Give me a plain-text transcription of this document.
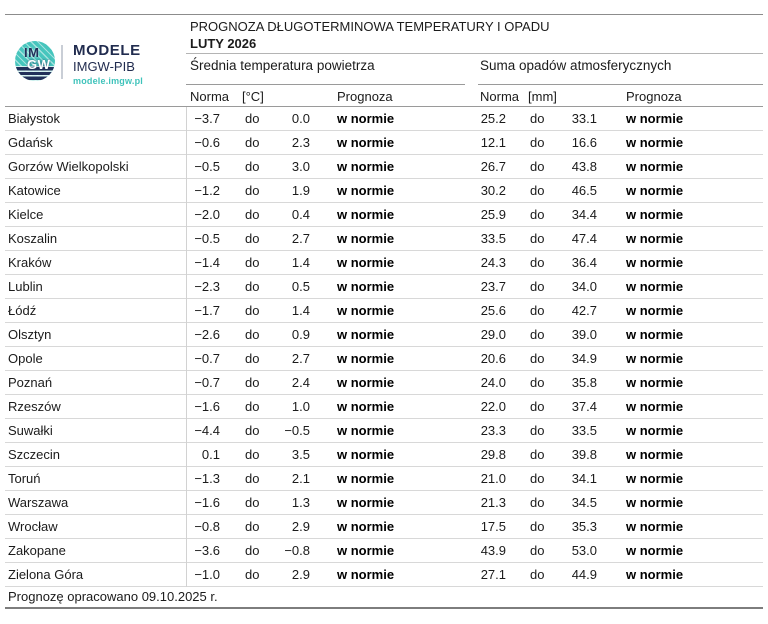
IM
GW
MODELE
IMGW-PIB
modele.imgw.pl
PROGNOZA DŁUGOTERMINOWA TEMPERATURY I OPADU
LUTY 2026
Średnia temperatura powietrza	Suma opadów atmosferycznych
Norma [°C]	Prognoza	Norma [mm]	Prognoza
Białystok	−3.7 do	0.0 w normie	25.2 do	33.1 w normie
Gdańsk	−0.6 do	2.3 w normie	12.1 do	16.6 w normie
Gorzów Wielkopolski	−0.5 do	3.0 w normie	26.7 do	43.8 w normie
Katowice	−1.2 do	1.9 w normie	30.2 do	46.5 w normie
Kielce	−2.0 do	0.4 w normie	25.9 do	34.4 w normie
Koszalin	−0.5 do	2.7 w normie	33.5 do	47.4 w normie
Kraków	−1.4 do	1.4 w normie	24.3 do	36.4 w normie
Lublin	−2.3 do	0.5 w normie	23.7 do	34.0 w normie
Łódź	−1.7 do	1.4 w normie	25.6 do	42.7 w normie
Olsztyn	−2.6 do	0.9 w normie	29.0 do	39.0 w normie
Opole	−0.7 do	2.7 w normie	20.6 do	34.9 w normie
Poznań	−0.7 do	2.4 w normie	24.0 do	35.8 w normie
Rzeszów	−1.6 do	1.0 w normie	22.0 do	37.4 w normie
Suwałki	−4.4 do	−0.5 w normie	23.3 do	33.5 w normie
Szczecin	0.1 do	3.5 w normie	29.8 do	39.8 w normie
Toruń	−1.3 do	2.1 w normie	21.0 do	34.1 w normie
Warszawa	−1.6 do	1.3 w normie	21.3 do	34.5 w normie
Wrocław	−0.8 do	2.9 w normie	17.5 do	35.3 w normie
Zakopane	−3.6 do	−0.8 w normie	43.9 do	53.0 w normie
Zielona Góra	−1.0 do	2.9 w normie	27.1 do	44.9 w normie
Prognozę opracowano 09.10.2025 r.
